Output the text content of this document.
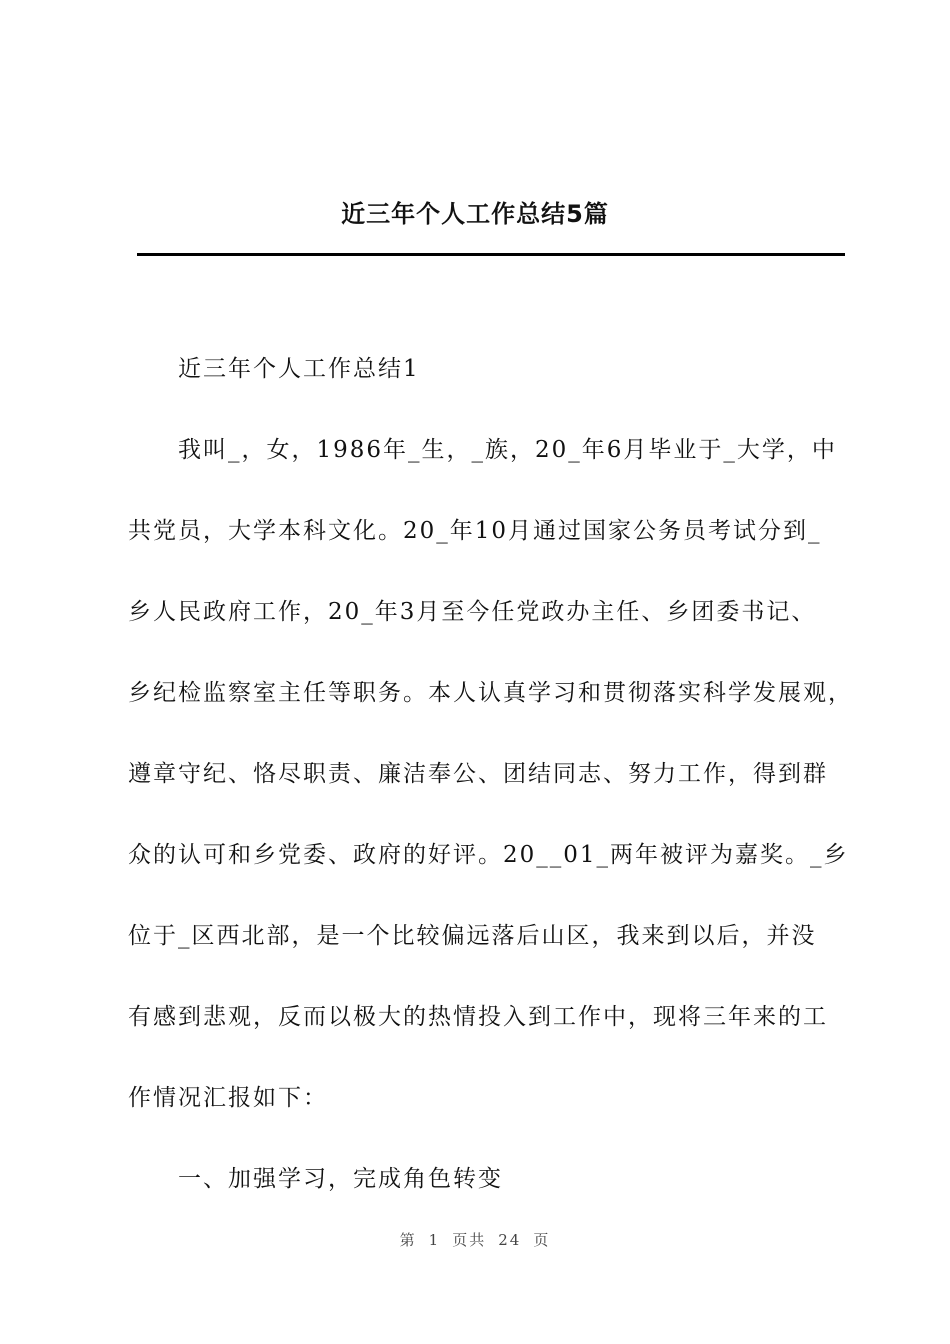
近三年个人工作总结5篇
近三年个人工作总结1
我叫_，女，1986年_生，_族，20_年6月毕业于_大学，中
共党员，大学本科文化。20_年10月通过国家公务员考试分到_
乡人民政府工作，20_年3月至今任党政办主任、乡团委书记、
乡纪检监察室主任等职务。本人认真学习和贯彻落实科学发展观，
遵章守纪、恪尽职责、廉洁奉公、团结同志、努力工作，得到群
众的认可和乡党委、政府的好评。20__01_两年被评为嘉奖。_乡
位于_区西北部，是一个比较偏远落后山区，我来到以后，并没
有感到悲观，反而以极大的热情投入到工作中，现将三年来的工
作情况汇报如下：
一、加强学习，完成角色转变
第 1 页共 24 页
